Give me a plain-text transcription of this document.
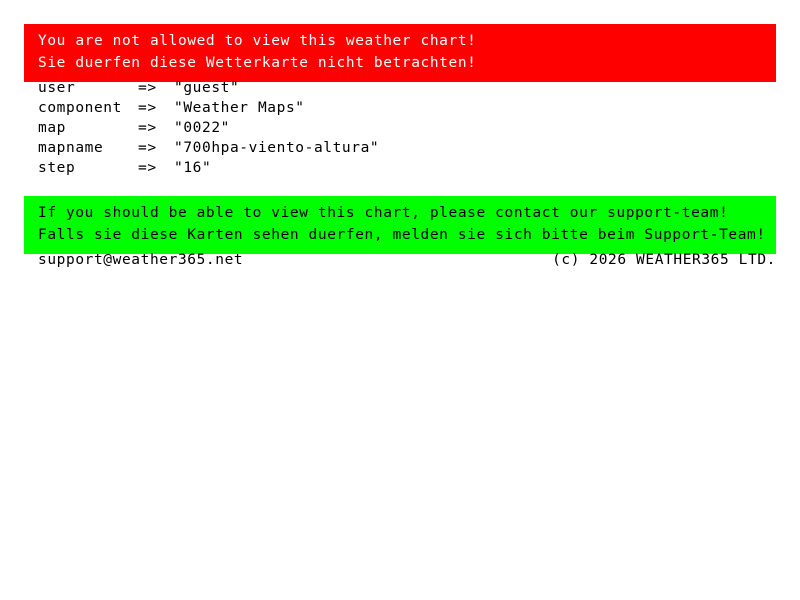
You are not allowed to view this weather chart!
Sie duerfen diese Wetterkarte nicht betrachten!
user	=>	"guest"
component	=>	"Weather Maps"
map	=>	"0022"
mapname	=>	"700hpa-viento-altura"
step	=>	"16"
If you should be able to view this chart, please contact our support-team!
Falls sie diese Karten sehen duerfen, melden sie sich bitte beim Support-Team!
support@weather365.net	(c) 2026 WEATHER365 LTD.
